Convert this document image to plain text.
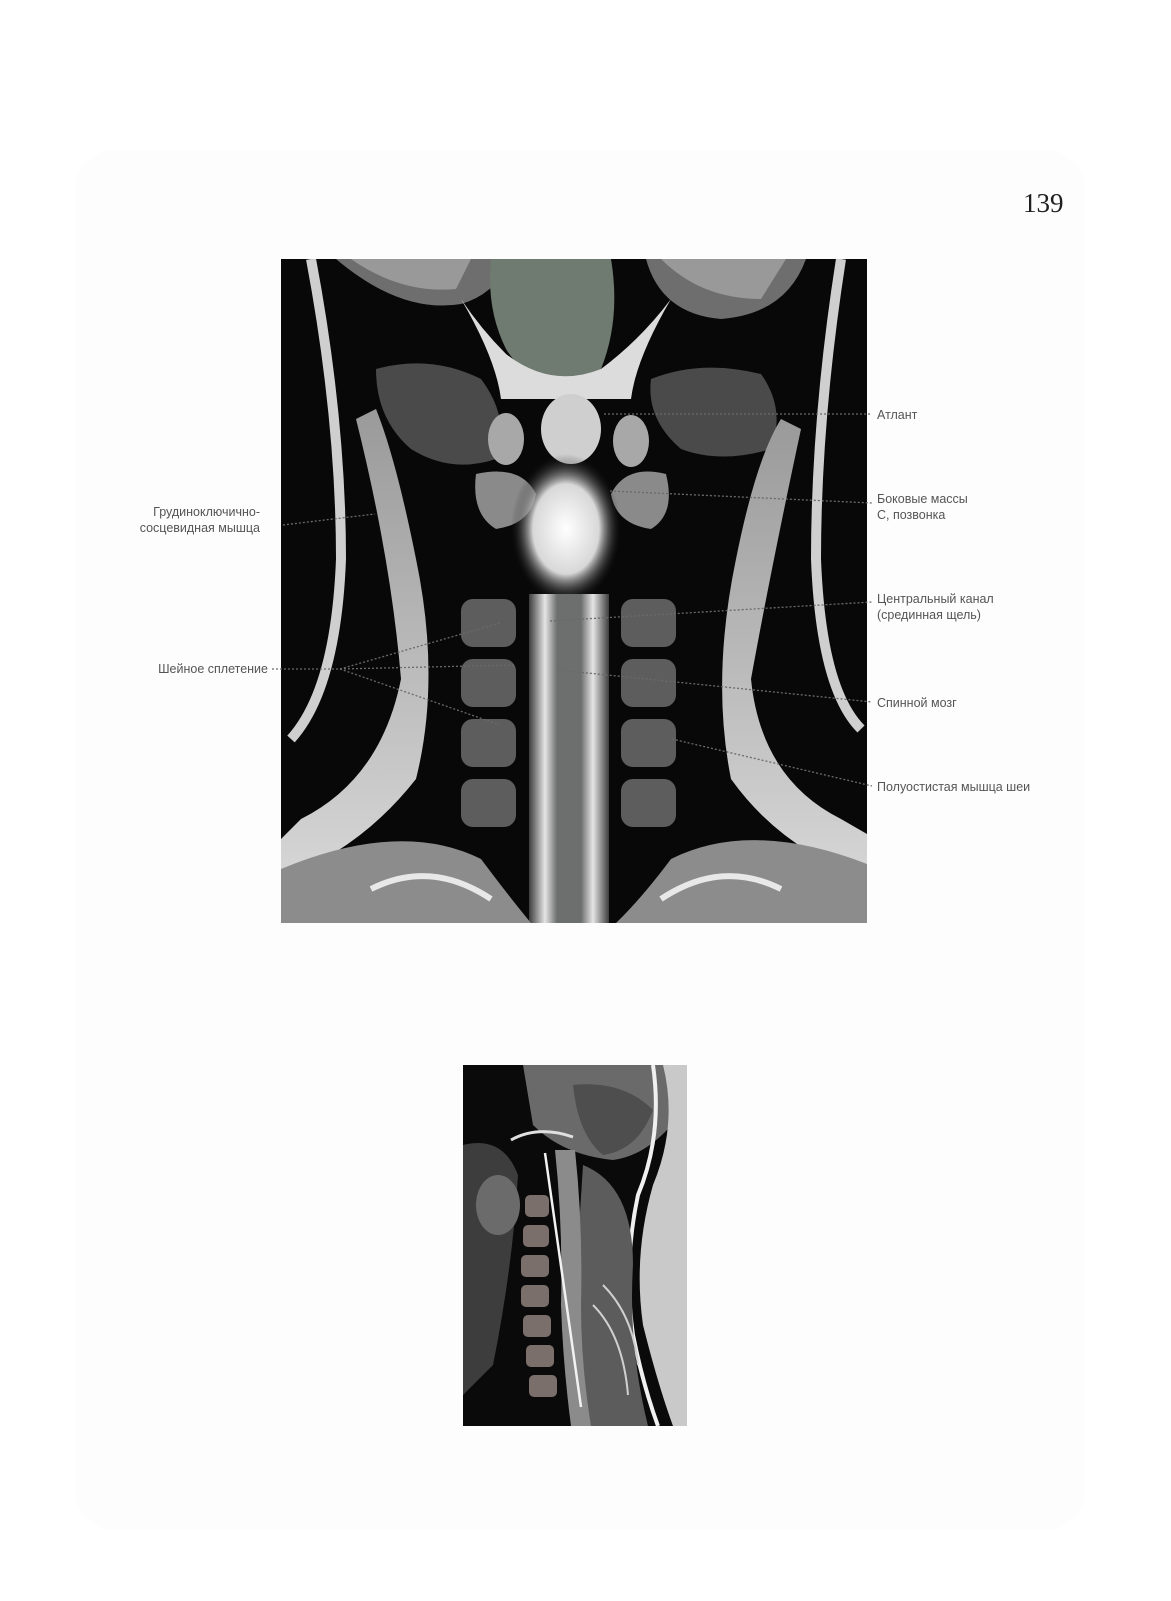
139
Атлант
Боковые массы
С, позвонка
Центральный канал
(срединная щель)
Спинной мозг
Полуостистая мышца шеи
Грудиноключично-
сосцевидная мышца
Шейное сплетение
